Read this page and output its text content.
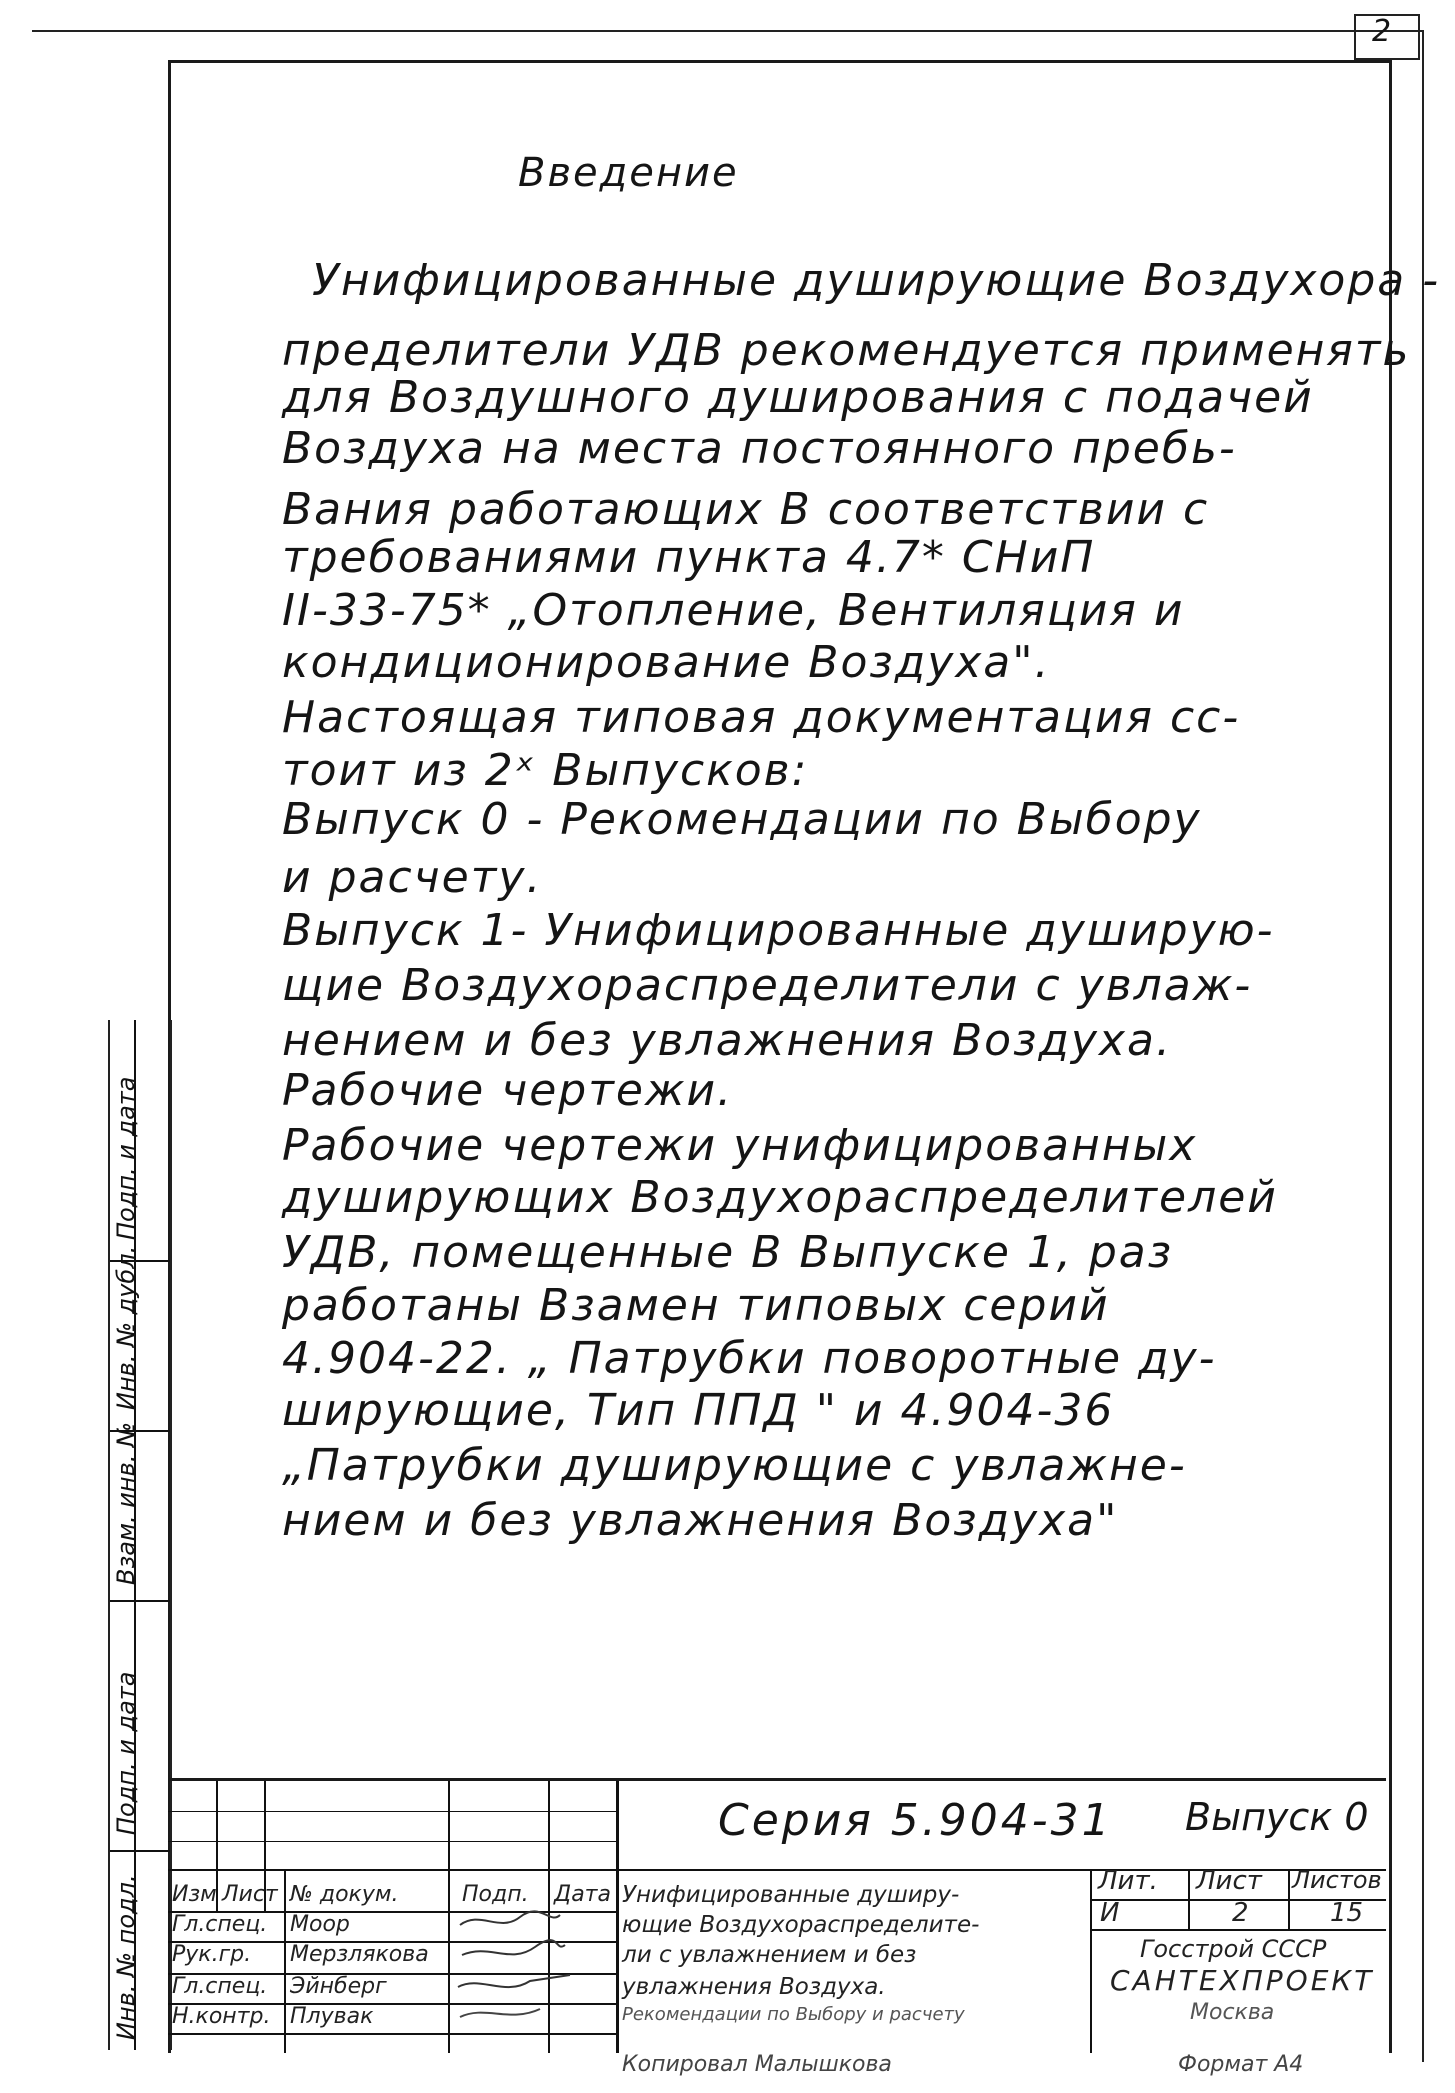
2
Подп. и дата
Инв. № дубл.
Взам. инв. №
Подп. и дата
Инв. № подл.
Введение
Унифицированные душирующие Воздухора -
пределители УДВ рекомендуется применять
для Воздушного душирования с подачей
Воздуха на места постоянного пребь-
Вания работающих В соответствии с
требованиями пункта 4.7* СНиП
II-33-75* „Отопление, Вентиляция и
кондиционирование Воздуха".
Настоящая типовая документация сс-
тоит из 2ˣ Выпусков:
Выпуск 0 - Рекомендации по Выбору
и расчету.
Выпуск 1- Унифицированные душирую-
щие Воздухораспределители с увлаж-
нением и без увлажнения Воздуха.
Рабочие чертежи.
Рабочие чертежи унифицированных
душирующих Воздухораспределителей
УДВ, помещенные В Выпуске 1, раз
работаны Взамен типовых серий
4.904-22. „ Патрубки поворотные ду-
ширующие, Тип ППД " и 4.904-36
„Патрубки душирующие с увлажне-
нием и без увлажнения Воздуха"
Серия 5.904-31 Выпуск 0
Изм Лист № докум.	Подп. Дата
Гл.спец. Моор
Рук.гр. Мерзлякова
Гл.спец. Эйнберг
Н.контр. Плувак
Унифицированные душиру-
ющие Воздухораспределите-
ли с увлажнением и без
увлажнения Воздуха.
Рекомендации по Выбору и расчету
Лит. Лист Листов
И	2	15
Госстрой СССР
САНТЕХПРОЕКТ
Москва
Копировал Малышкова	Формат А4
